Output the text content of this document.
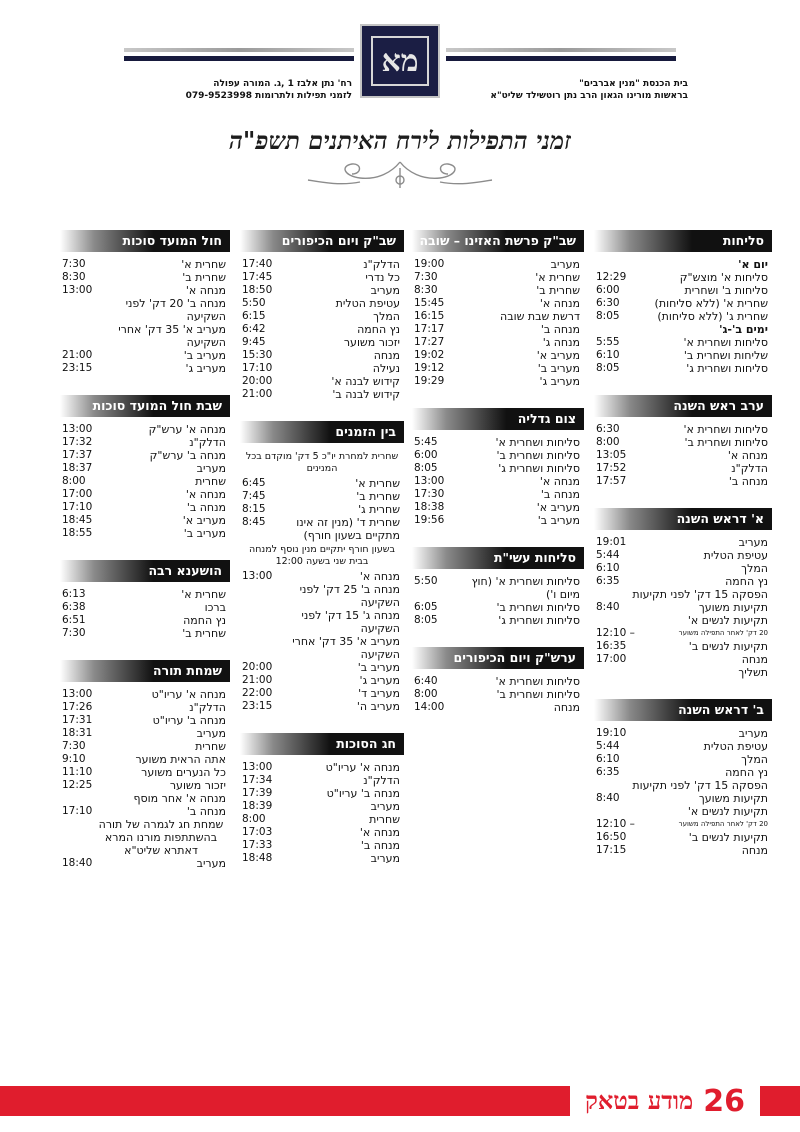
מא
בית הכנסת "מנין אברבים"
בראשות מורינו הגאון הרב נתן רוטשילד שליט"א
רח' נתן אלבז 1 ,ג. המורה עפולה
לזמני תפילות ולתרומות 079-9523998
זמני התפילות לירח האיתנים תשפ"ה
סליחות
יום א'
סליחות א' מוצש"ק
12:29
סליחות ב' ושחרית
6:00
שחרית א' (ללא סליחות)
6:30
שחרית ג' (ללא סליחות)
8:05
ימים ב'-ג'
סליחות ושחרית א'
5:55
שליחות ושחרית ב'
6:10
סליחות ושחרית ג'
8:05
ערב ראש השנה
סליחות ושחרית א'
6:30
סליחות ושחרית ב'
8:00
מנחה א'
13:05
הדלק"נ
17:52
מנחה ב'
17:57
א' דראש השנה
מעריב
19:01
עטיפת הטלית
5:44
המלך
6:10
נץ החמה
6:35
הפסקה 15 דק' לפני תקיעות
תקיעות משועך
8:40
תקיעות לנשים א'
20 דק' לאחר התפילה משוער
12:10 –
תקיעות לנשים ב'
16:35
מנחה
17:00
תשליך
ב' דראש השנה
מעריב
19:10
עטיפת הטלית
5:44
המלך
6:10
נץ החמה
6:35
הפסקה 15 דק' לפני תקיעות
תקיעות משועך
8:40
תקיעות לנשים א'
20 דק' לאחר התפילה משוער
12:10 –
תקיעות לנשים ב'
16:50
מנחה
17:15
שב"ק פרשת האזינו – שובה
מעריב
19:00
שחרית א'
7:30
שחרית ב'
8:30
מנחה א'
15:45
דרשת שבת שובה
16:15
מנחה ב'
17:17
מנחה ג'
17:27
מעריב א'
19:02
מעריב ב'
19:12
מעריב ג'
19:29
צום גדליה
סליחות ושחרית א'
5:45
סליחות ושחרית ב'
6:00
סליחות ושחרית ג'
8:05
מנחה א'
13:00
מנחה ב'
17:30
מעריב א'
18:38
מעריב ב'
19:56
סליחות עשי"ת
סליחות ושחרית א' (חוץ מיום ו')
5:50
סליחות ושחרית ב'
6:05
סליחות ושחרית ג'
8:05
ערש"ק ויום הכיפורים
סליחות ושחרית א'
6:40
סליחות ושחרית ב'
8:00
מנחה
14:00
שב"ק ויום הכיפורים
הדלק"נ
17:40
כל נדרי
17:45
מעריב
18:50
עטיפת הטלית
5:50
המלך
6:15
נץ החמה
6:42
יזכור משוער
9:45
מנחה
15:30
נעילה
17:10
קידוש לבנה א'
20:00
קידוש לבנה ב'
21:00
בין הזמנים
שחרית למחרת יו"כ 5 דק' מוקדם בכל המנינים
שחרית א'
6:45
שחרית ב'
7:45
שחרית ג'
8:15
שחרית ד' (מנין זה אינו מתקיים בשעון חורף)
8:45
בשעון חורף יתקיים מנין נוסף למנחה בבית שני בשעה 12:00
מנחה א'
13:00
מנחה ב' 25 דק' לפני השקיעה
מנחה ג' 15 דק' לפני השקיעה
מעריב א' 35 דק' אחרי השקיעה
מעריב ב'
20:00
מעריב ג'
21:00
מעריב ד'
22:00
מעריב ה'
23:15
חג הסוכות
מנחה א' עריו"ט
13:00
הדלק"נ
17:34
מנחה ב' עריו"ט
17:39
מעריב
18:39
שחרית
8:00
מנחה א'
17:03
מנחה ב'
17:33
מעריב
18:48
חול המועד סוכות
שחרית א'
7:30
שחרית ב'
8:30
מנחה א'
13:00
מנחה ב' 20 דק' לפני השקיעה
מעריב א' 35 דק' אחרי השקיעה
מעריב ב'
21:00
מעריב ג'
23:15
שבת חול המועד סוכות
מנחה א' ערש"ק
13:00
הדלק"נ
17:32
מנחה ב' ערש"ק
17:37
מעריב
18:37
שחרית
8:00
מנחה א'
17:00
מנחה ב'
17:10
מעריב א'
18:45
מעריב ב'
18:55
הושענא רבה
שחרית א'
6:13
ברכו
6:38
נץ החמה
6:51
שחרית ב'
7:30
שמחת תורה
מנחה א' עריו"ט
13:00
הדלק"נ
17:26
מנחה ב' עריו"ט
17:31
מעריב
18:31
שחרית
7:30
אתה הראית משוער
9:10
כל הנערים משוער
11:10
יזכור משוער
12:25
מנחה א' אחר מוסף
מנחה ב'
17:10
שמחת חג לגמרה של תורה בהשתתפות מורנו המרא דאתרא שליט"א
מעריב
18:40
26
מודע בטאק
